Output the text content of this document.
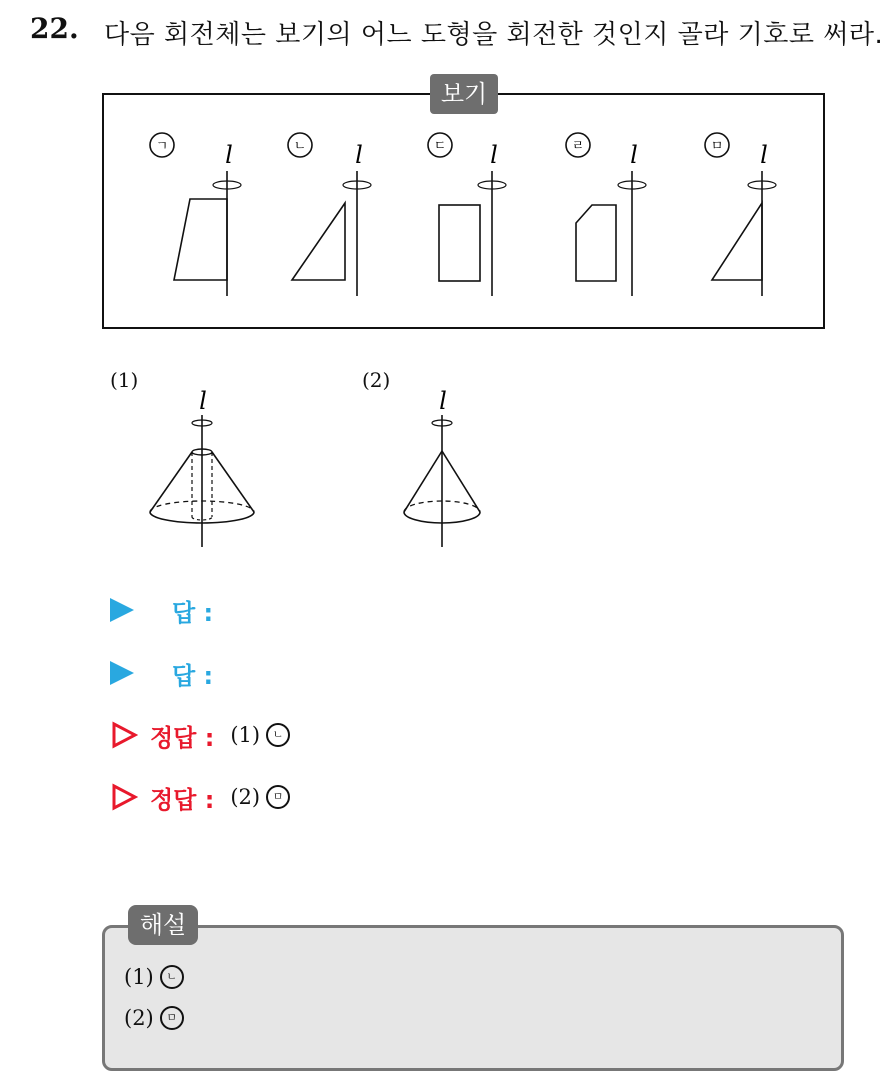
22. 다음 회전체는 보기의 어느 도형을 회전한 것인지 골라 기호로 써라.
보기
ㄱ l	ㄴ l	ㄷ l	ㄹ l	ㅁ l
(1)	(2)
l	l
답 :
답 :
정답 : (1)	ㄴ
정답 : (2)	ㅁ
해설
(1)	ㄴ
(2)	ㅁ
